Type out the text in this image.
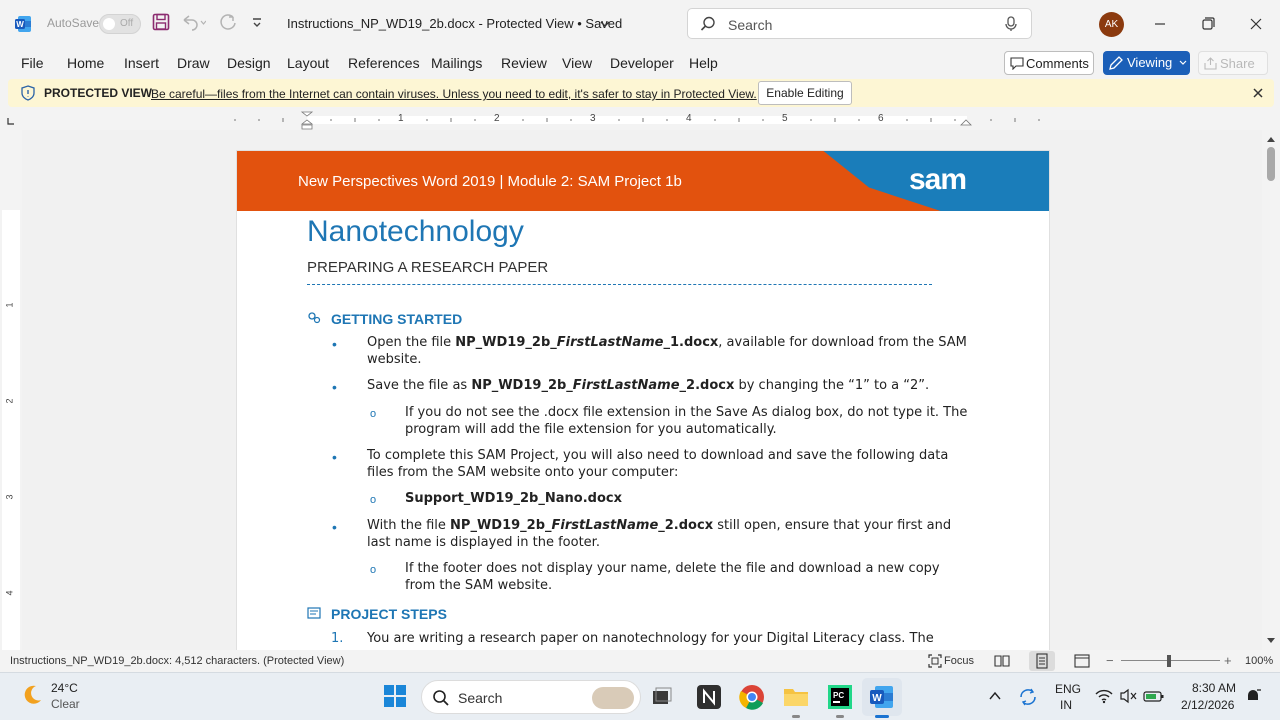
W AutoSave Off	Instructions_NP_WD19_2b.docx - Protected View • Saved	Search	AK
File Home Insert Draw Design Layout References Mailings Review View Developer Help	Comments	Viewing	Share
PROTECTED VIEW
Be careful—files from the Internet can contain viruses. Unless you need to edit, it's safer to stay in Protected View. Enable Editing
1	2	3	4	5	6
New Perspectives Word 2019 | Module 2: SAM Project 1b	sam
Nanotechnology
PREPARING A RESEARCH PAPER
GETTING STARTED
• Open the file NP_WD19_2b_FirstLastName_1.docx, available for download from the SAM website.
• Save the file as NP_WD19_2b_FirstLastName_2.docx by changing the “1” to a “2”.
o If you do not see the .docx file extension in the Save As dialog box, do not type it. The program will add the file extension for you automatically.
• To complete this SAM Project, you will also need to download and save the following data files from the SAM website onto your computer:
o Support_WD19_2b_Nano.docx
• With the file NP_WD19_2b_FirstLastName_2.docx still open, ensure that your first and last name is displayed in the footer.
o If the footer does not display your name, delete the file and download a new copy from the SAM website.
PROJECT STEPS
1. You are writing a research paper on nanotechnology for your Digital Literacy class. The
1
2
3
4
Instructions_NP_WD19_2b.docx: 4,512 characters. (Protected View)	Focus	−	+ 100%
24°C
Clear	Search	PC	W
ENG
IN
8:30 AM
2/12/2026
